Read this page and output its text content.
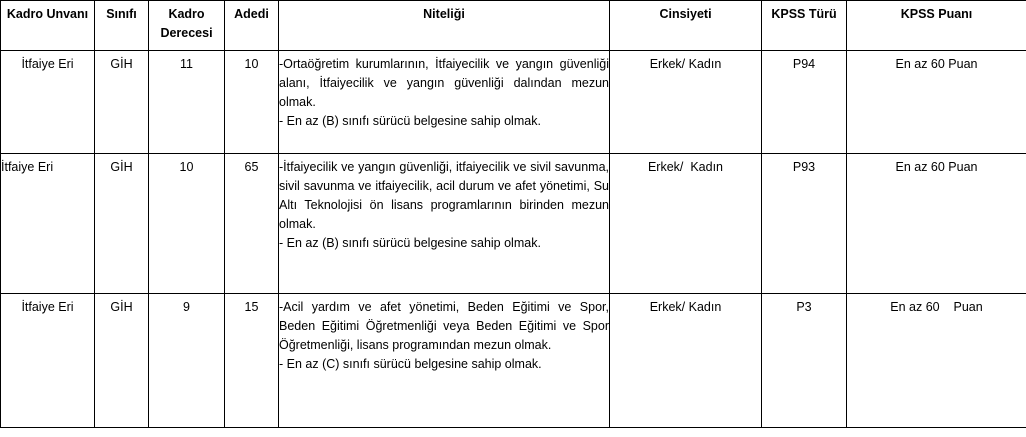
Kadro Unvanı	Sınıfı	Kadro Derecesi	Adedi	Niteliği	Cinsiyeti	KPSS Türü	KPSS Puanı
İtfaiye Eri	GİH	11	10	-Ortaöğretim kurumlarının, İtfaiyecilik ve yangın güvenliği alanı, İtfaiyecilik ve yangın güvenliği dalından mezun olmak.
- En az (B) sınıfı sürücü belgesine sahip olmak.	Erkek/ Kadın	P94	En az 60 Puan
İtfaiye Eri	GİH	10	65	-İtfaiyecilik ve yangın güvenliği, itfaiyecilik ve sivil savunma, sivil savunma ve itfaiyecilik, acil durum ve afet yönetimi, Su Altı Teknolojisi ön lisans programlarının birinden mezun olmak.
- En az (B) sınıfı sürücü belgesine sahip olmak.	Erkek/  Kadın	P93	En az 60 Puan
İtfaiye Eri	GİH	9	15	-Acil yardım ve afet yönetimi, Beden Eğitimi ve Spor, Beden Eğitimi Öğretmenliği veya Beden Eğitimi ve Spor Öğretmenliği, lisans programından mezun olmak.
- En az (C) sınıfı sürücü belgesine sahip olmak.	Erkek/ Kadın	P3	En az 60    Puan
